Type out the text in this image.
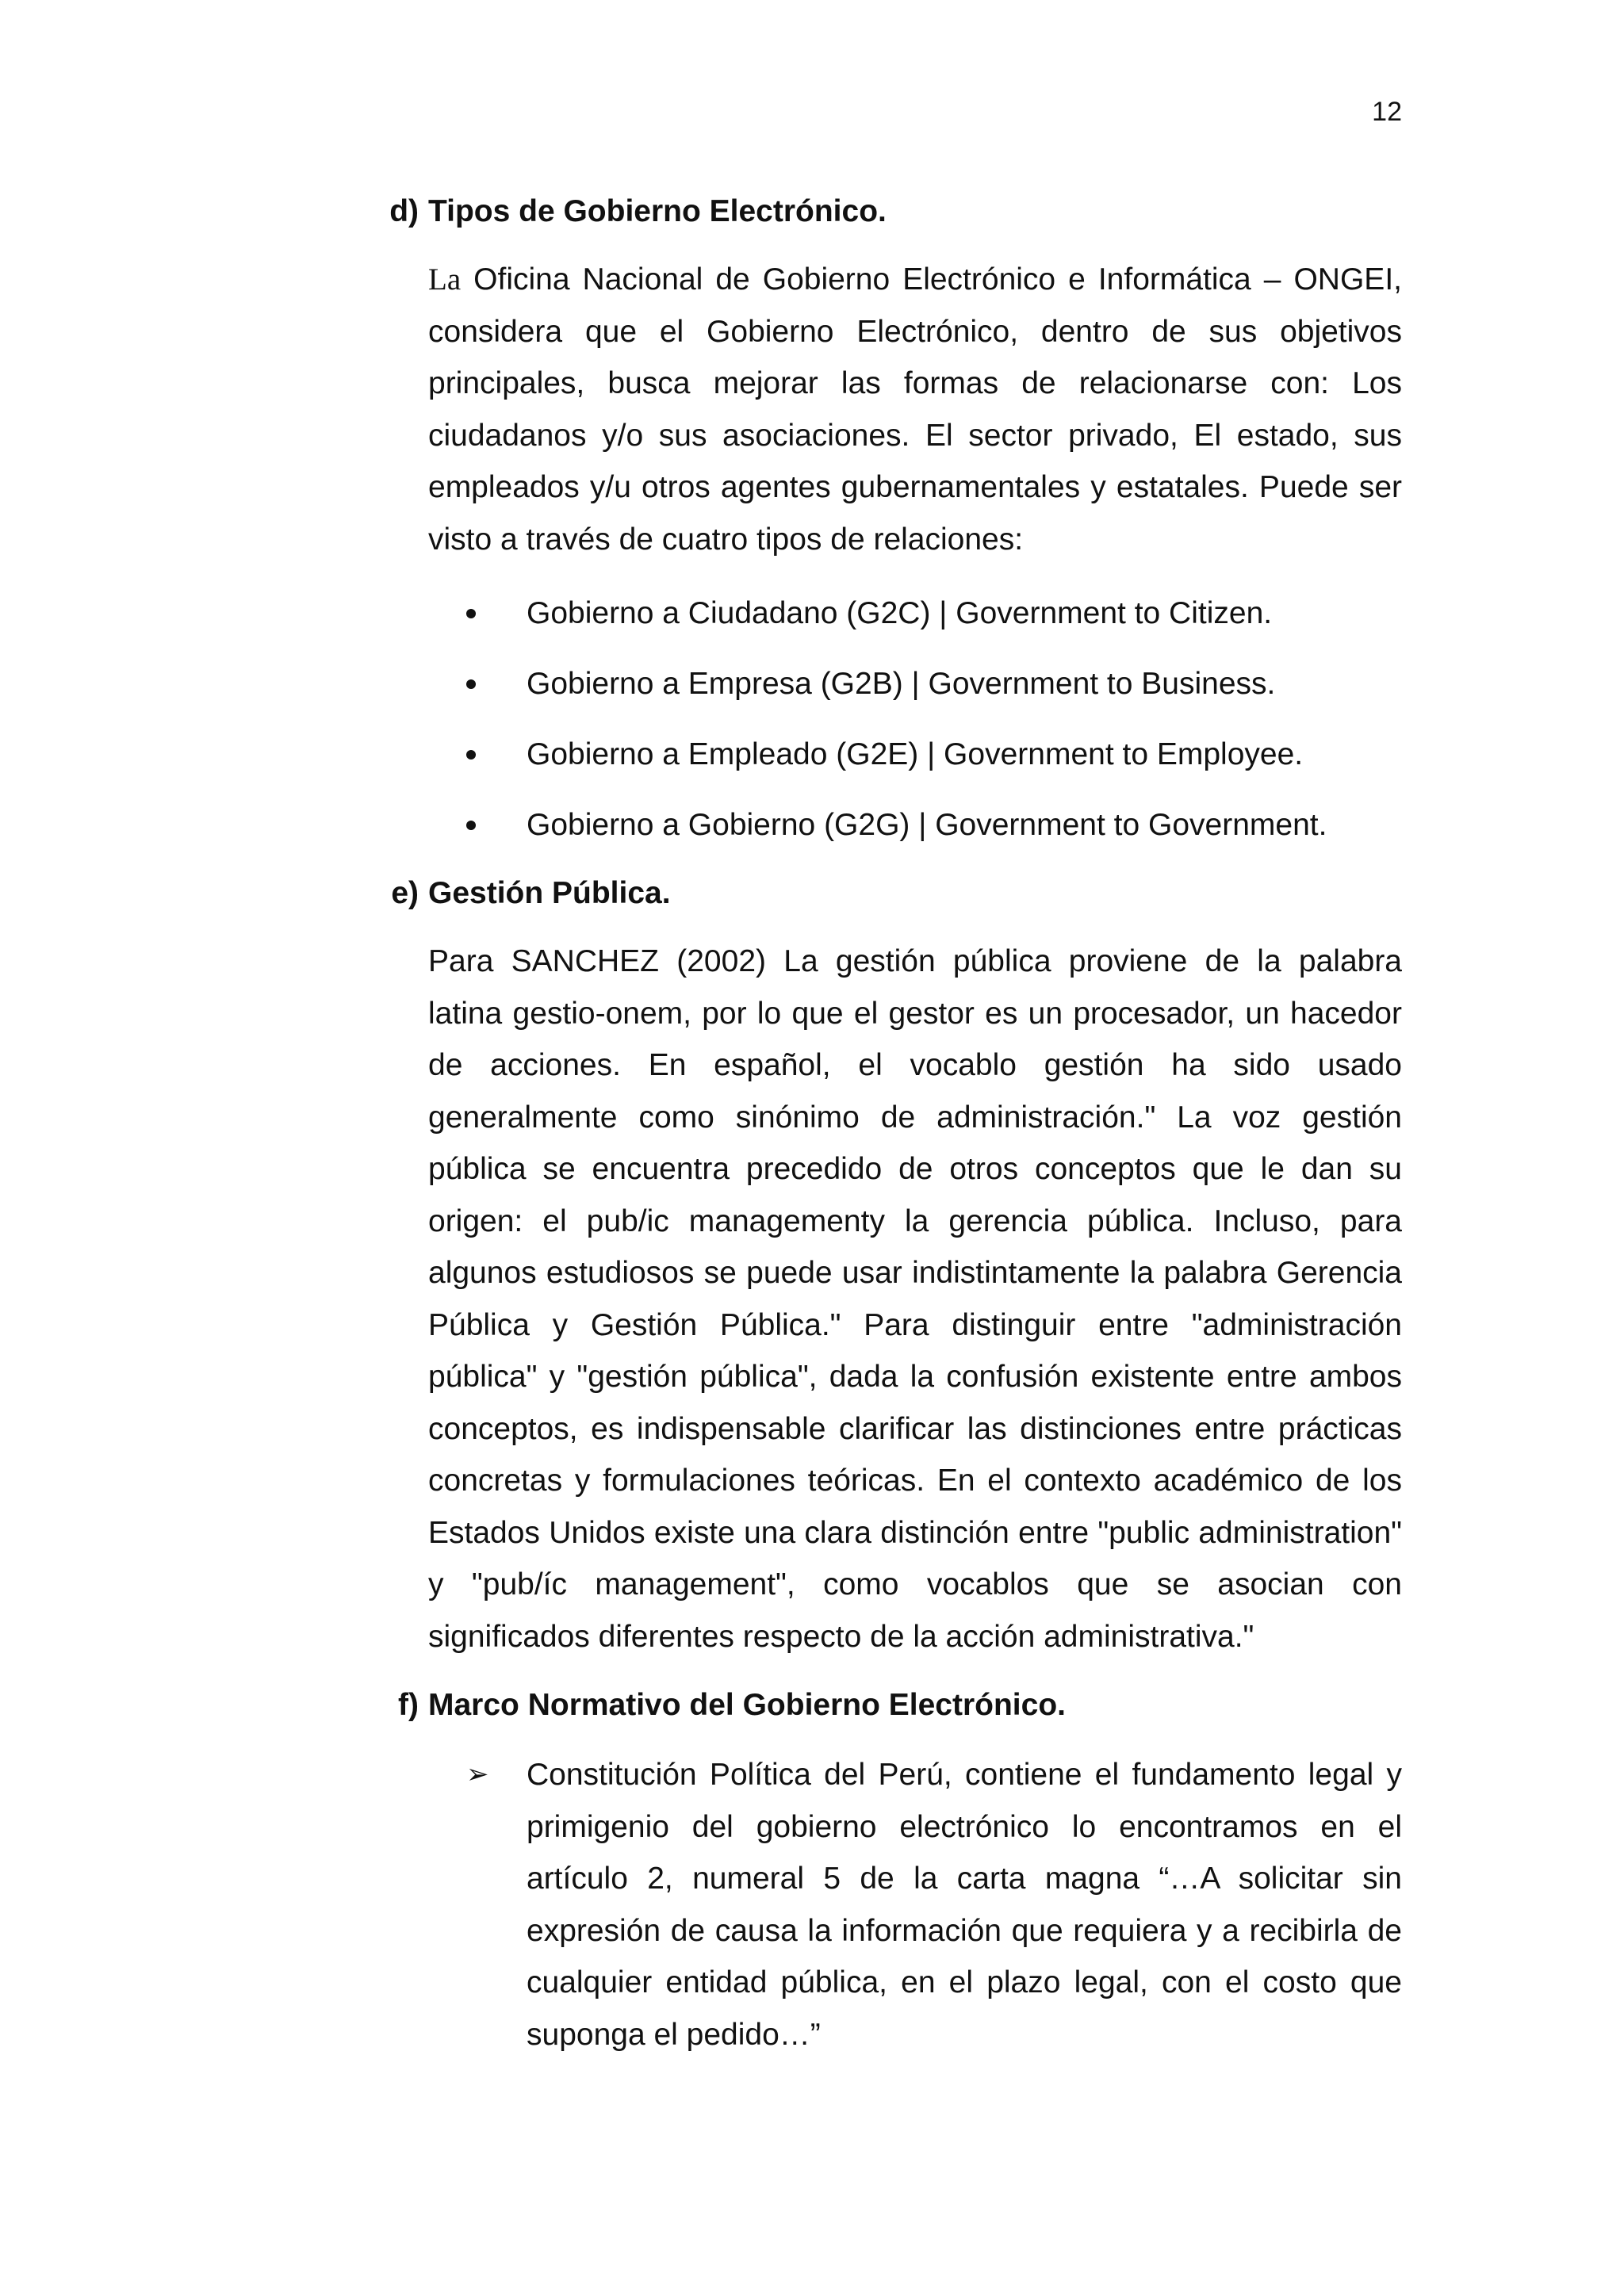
12
d) Tipos de Gobierno Electrónico.
La Oficina Nacional de Gobierno Electrónico e Informática – ONGEI, considera que el Gobierno Electrónico, dentro de sus objetivos principales, busca mejorar las formas de relacionarse con: Los ciudadanos y/o sus asociaciones. El sector privado, El estado, sus empleados y/u otros agentes gubernamentales y estatales. Puede ser visto a través de cuatro tipos de relaciones:
Gobierno a Ciudadano (G2C) | Government to Citizen.
Gobierno a Empresa (G2B) | Government to Business.
Gobierno a Empleado (G2E) | Government to Employee.
Gobierno a Gobierno (G2G) | Government to Government.
e) Gestión Pública.
Para SANCHEZ (2002) La gestión pública proviene de la palabra latina gestio-onem, por lo que el gestor es un procesador, un hacedor de acciones. En español, el vocablo gestión ha sido usado generalmente como sinónimo de administración." La voz gestión pública se encuentra precedido de otros conceptos que le dan su origen: el pub/ic managementy la gerencia pública. Incluso, para algunos estudiosos se puede usar indistintamente la palabra Gerencia Pública y Gestión Pública." Para distinguir entre "administración pública" y "gestión pública", dada la confusión existente entre ambos conceptos, es indispensable clarificar las distinciones entre prácticas concretas y formulaciones teóricas. En el contexto académico de los Estados Unidos existe una clara distinción entre "public administration" y "pub/íc management", como vocablos que se asocian con significados diferentes respecto de la acción administrativa."
f) Marco Normativo del Gobierno Electrónico.
➢ Constitución Política del Perú, contiene el fundamento legal y primigenio del gobierno electrónico lo encontramos en el artículo 2, numeral 5 de la carta magna “…A solicitar sin expresión de causa la información que requiera y a recibirla de cualquier entidad pública, en el plazo legal, con el costo que suponga el pedido…”
